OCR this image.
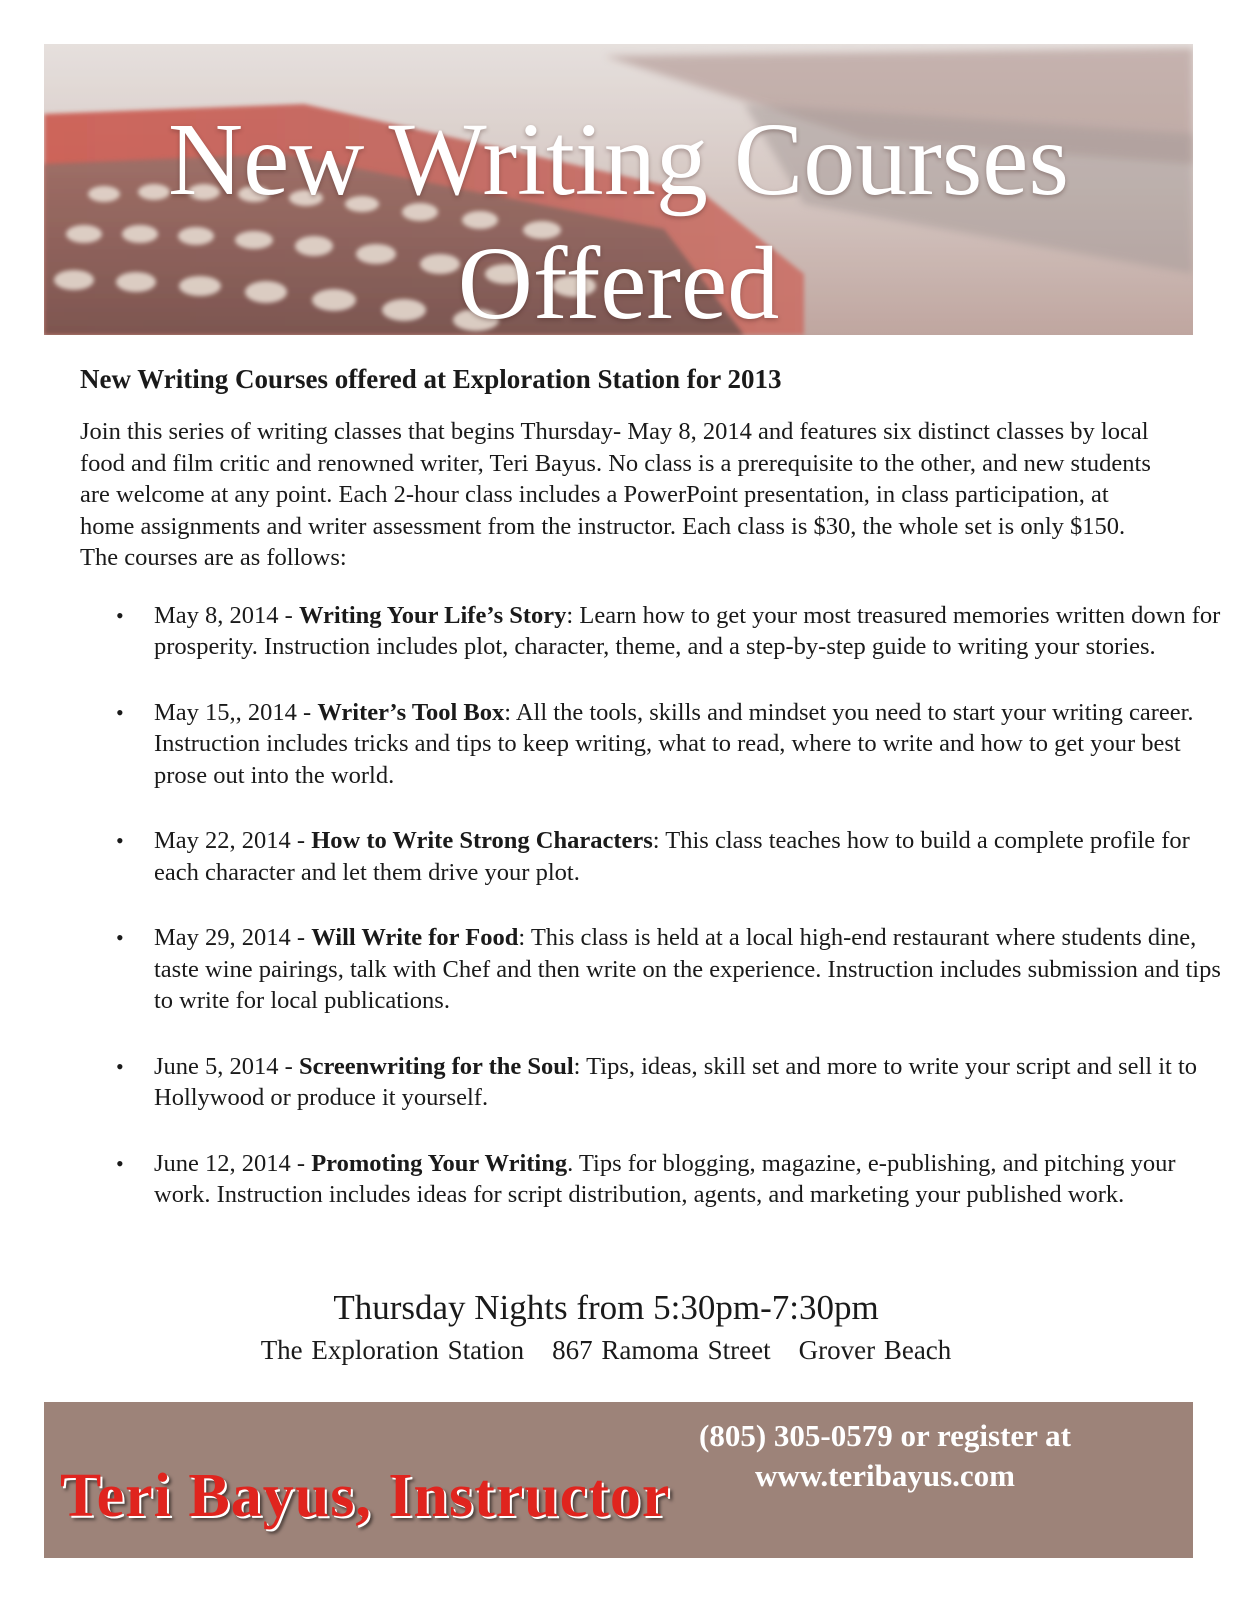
New Writing Courses
Offered
New Writing Courses offered at Exploration Station for 2013

Join this series of writing classes that begins Thursday- May 8, 2014 and features six distinct classes by local food and film critic and renowned writer, Teri Bayus. No class is a prerequisite to the other, and new students are welcome at any point. Each 2-hour class includes a PowerPoint presentation, in class participation, at home assignments and writer assessment from the instructor. Each class is $30, the whole set is only $150. The courses are as follows:

• May 8, 2014 - Writing Your Life’s Story: Learn how to get your most treasured memories written down for prosperity. Instruction includes plot, character, theme, and a step-by-step guide to writing your stories.
• May 15,, 2014 - Writer’s Tool Box: All the tools, skills and mindset you need to start your writing career. Instruction includes tricks and tips to keep writing, what to read, where to write and how to get your best prose out into the world.
• May 22, 2014 - How to Write Strong Characters: This class teaches how to build a complete profile for each character and let them drive your plot.
• May 29, 2014 - Will Write for Food: This class is held at a local high-end restaurant where students dine, taste wine pairings, talk with Chef and then write on the experience. Instruction includes submission and tips to write for local publications.
• June 5, 2014 - Screenwriting for the Soul: Tips, ideas, skill set and more to write your script and sell it to Hollywood or produce it yourself.
• June 12, 2014 - Promoting Your Writing. Tips for blogging, magazine, e-publishing, and pitching your work. Instruction includes ideas for script distribution, agents, and marketing your published work.
Thursday Nights from 5:30pm-7:30pm
The Exploration Station 867 Ramoma Street Grover Beach
(805) 305-0579 or register at
www.teribayus.com
Teri Bayus, Instructor
